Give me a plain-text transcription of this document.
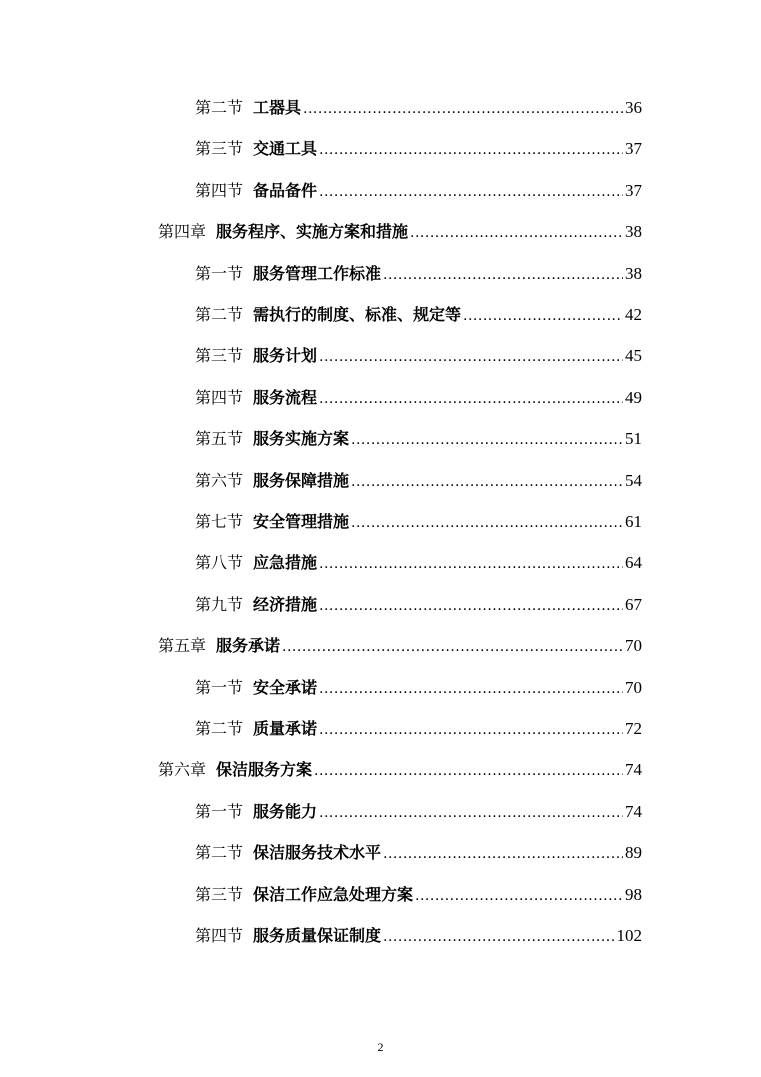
第二节 工器具 .....	36
第三节 交通工具 .....	37
第四节 备品备件 .....	37
第四章 服务程序、实施方案和措施 .....	38
第一节 服务管理工作标准 .....	38
第二节 需执行的制度、标准、规定等 .....	42
第三节 服务计划 .....	45
第四节 服务流程 .....	49
第五节 服务实施方案 .....	51
第六节 服务保障措施 .....	54
第七节 安全管理措施 .....	61
第八节 应急措施 .....	64
第九节 经济措施 .....	67
第五章 服务承诺 .....	70
第一节 安全承诺 .....	70
第二节 质量承诺 .....	72
第六章 保洁服务方案 .....	74
第一节 服务能力 .....	74
第二节 保洁服务技术水平 .....	89
第三节 保洁工作应急处理方案 .....	98
第四节 服务质量保证制度 .....	102
2
